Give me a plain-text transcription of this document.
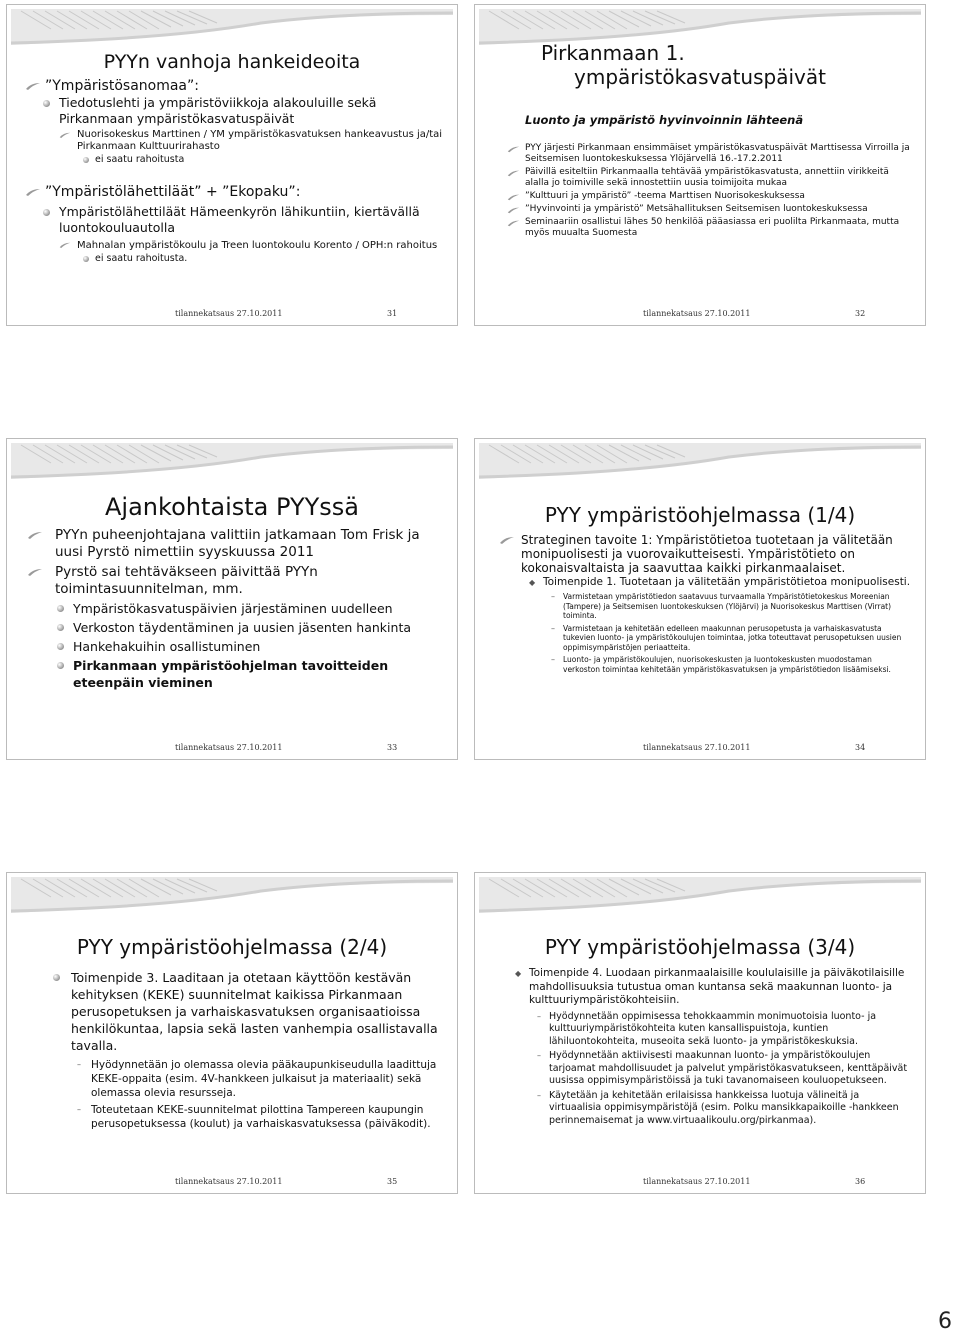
PYYn vanhoja hankeideoita

”Ympäristösanomaa”:

Tiedotuslehti ja ympäristöviikkoja alakouluille sekä Pirkanmaan ympäristökasvatuspäivät

Nuorisokeskus Marttinen / YM ympäristökasvatuksen hankeavustus ja/tai Pirkanmaan Kulttuurirahasto

ei saatu rahoitusta

”Ympäristölähettiläät” + ”Ekopaku”:

Ympäristölähettiläät Hämeenkyrön lähikuntiin, kiertävällä luontokouluautolla

Mahnalan ympäristökoulu ja Treen luontokoulu Korento / OPH:n rahoitus

ei saatu rahoitusta.

tilannekatsaus 27.10.2011	31
Pirkanmaan 1.
ympäristökasvatuspäivät
Luonto ja ympäristö hyvinvoinnin lähteenä

PYY järjesti Pirkanmaan ensimmäiset ympäristökasvatuspäivät Marttisessa Virroilla ja Seitsemisen luontokeskuksessa Ylöjärvellä 16.-17.2.2011

Päivillä esiteltiin Pirkanmaalla tehtävää ympäristökasvatusta, annettiin virikkeitä alalla jo toimiville sekä innostettiin uusia toimijoita mukaa

”Kulttuuri ja ympäristö” -teema Marttisen Nuorisokeskuksessa

”Hyvinvointi ja ympäristö” Metsähallituksen Seitsemisen luontokeskuksessa

Seminaariin osallistui lähes 50 henkilöä pääasiassa eri puolilta Pirkanmaata, mutta myös muualta Suomesta

tilannekatsaus 27.10.2011	32
Ajankohtaista PYYssä

PYYn puheenjohtajana valittiin jatkamaan Tom Frisk ja uusi Pyrstö nimettiin syyskuussa 2011

Pyrstö sai tehtäväkseen päivittää PYYn toimintasuunnitelman, mm.

Ympäristökasvatuspäivien järjestäminen uudelleen

Verkoston täydentäminen ja uusien jäsenten hankinta

Hankehakuihin osallistuminen

Pirkanmaan ympäristöohjelman tavoitteiden eteenpäin vieminen

tilannekatsaus 27.10.2011	33
PYY ympäristöohjelmassa (1/4)

Strateginen tavoite 1: Ympäristötietoa tuotetaan ja välitetään monipuolisesti ja vuorovaikutteisesti. Ympäristötieto on kokonaisvaltaista ja saavuttaa kaikki pirkanmaalaiset.

◆ Toimenpide 1. Tuotetaan ja välitetään ympäristötietoa monipuolisesti.

– Varmistetaan ympäristötiedon saatavuus turvaamalla Ympäristötietokeskus Moreenian (Tampere) ja Seitsemisen luontokeskuksen (Ylöjärvi) ja Nuorisokeskus Marttisen (Virrat) toiminta.

– Varmistetaan ja kehitetään edelleen maakunnan perusopetusta ja varhaiskasvatusta tukevien luonto- ja ympäristökoulujen toimintaa, jotka toteuttavat perusopetuksen uusien oppimisympäristöjen periaatteita.

– Luonto- ja ympäristökoulujen, nuorisokeskusten ja luontokeskusten muodostaman verkoston toimintaa kehitetään ympäristökasvatuksen ja ympäristötiedon lisäämiseksi.

tilannekatsaus 27.10.2011	34
PYY ympäristöohjelmassa (2/4)

Toimenpide 3. Laaditaan ja otetaan käyttöön kestävän kehityksen (KEKE) suunnitelmat kaikissa Pirkanmaan perusopetuksen ja varhaiskasvatuksen organisaatioissa henkilökuntaa, lapsia sekä lasten vanhempia osallistavalla tavalla.

– Hyödynnetään jo olemassa olevia pääkaupunkiseudulla laadittuja KEKE-oppaita (esim. 4V-hankkeen julkaisut ja materiaalit) sekä olemassa olevia resursseja.

– Toteutetaan KEKE-suunnitelmat pilottina Tampereen kaupungin perusopetuksessa (koulut) ja varhaiskasvatuksessa (päiväkodit).

tilannekatsaus 27.10.2011	35
PYY ympäristöohjelmassa (3/4)

◆ Toimenpide 4. Luodaan pirkanmaalaisille koululaisille ja päiväkotilaisille mahdollisuuksia tutustua oman kuntansa sekä maakunnan luonto- ja kulttuuriympäristökohteisiin.

– Hyödynnetään oppimisessa tehokkaammin monimuotoisia luonto- ja kulttuuriympäristökohteita kuten kansallispuistoja, kuntien lähiluontokohteita, museoita sekä luonto- ja ympäristökeskuksia.

– Hyödynnetään aktiivisesti maakunnan luonto- ja ympäristökoulujen tarjoamat mahdollisuudet ja palvelut ympäristökasvatukseen, kenttäpäivät uusissa oppimisympäristöissä ja tuki tavanomaiseen kouluopetukseen.

– Käytetään ja kehitetään erilaisissa hankkeissa luotuja välineitä ja virtuaalisia oppimisympäristöjä (esim. Polku mansikkapaikoille -hankkeen perinnemaisemat ja www.virtuaalikoulu.org/pirkanmaa).

tilannekatsaus 27.10.2011	36
6
